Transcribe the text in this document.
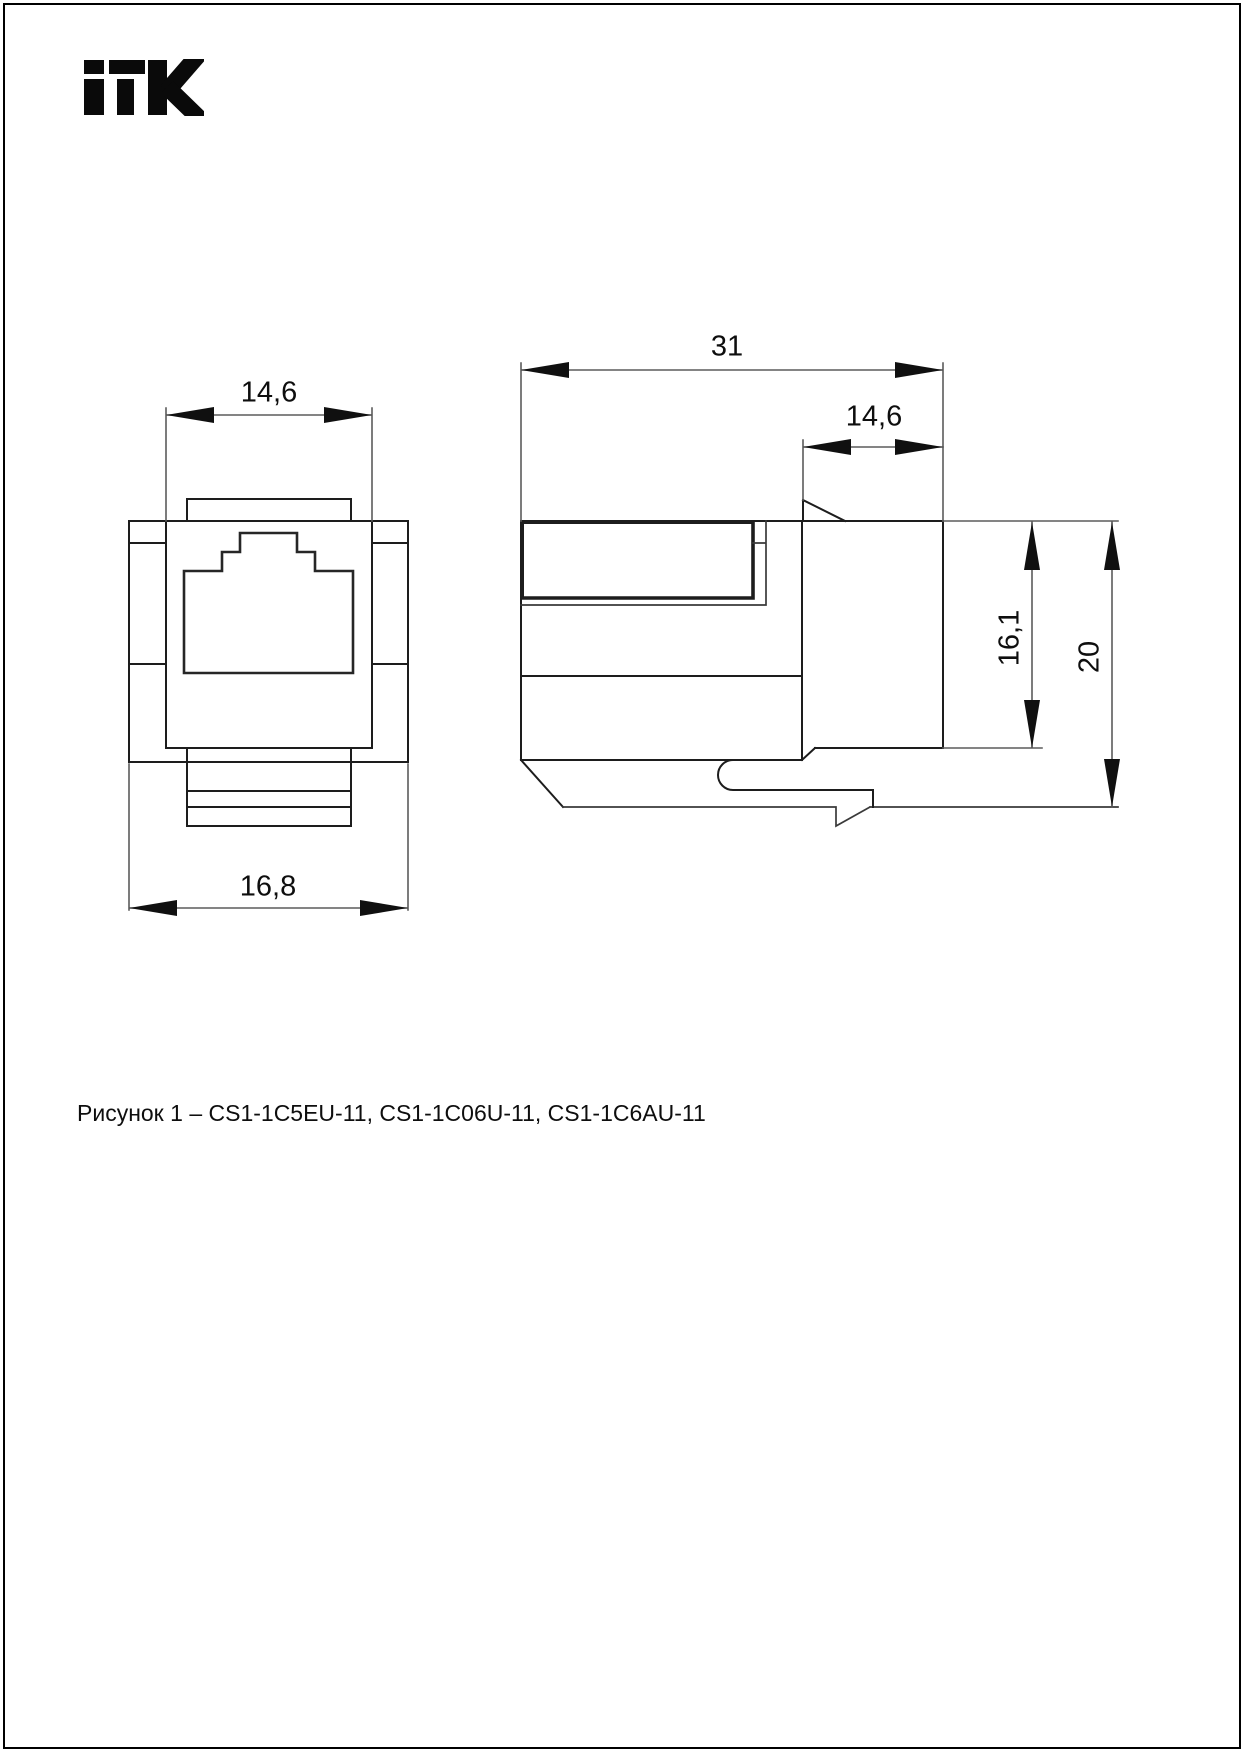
14,6
16,8
31
14,6
16,1 20
Рисунок 1 – CS1-1C5EU-11, CS1-1C06U-11, CS1-1C6AU-11
